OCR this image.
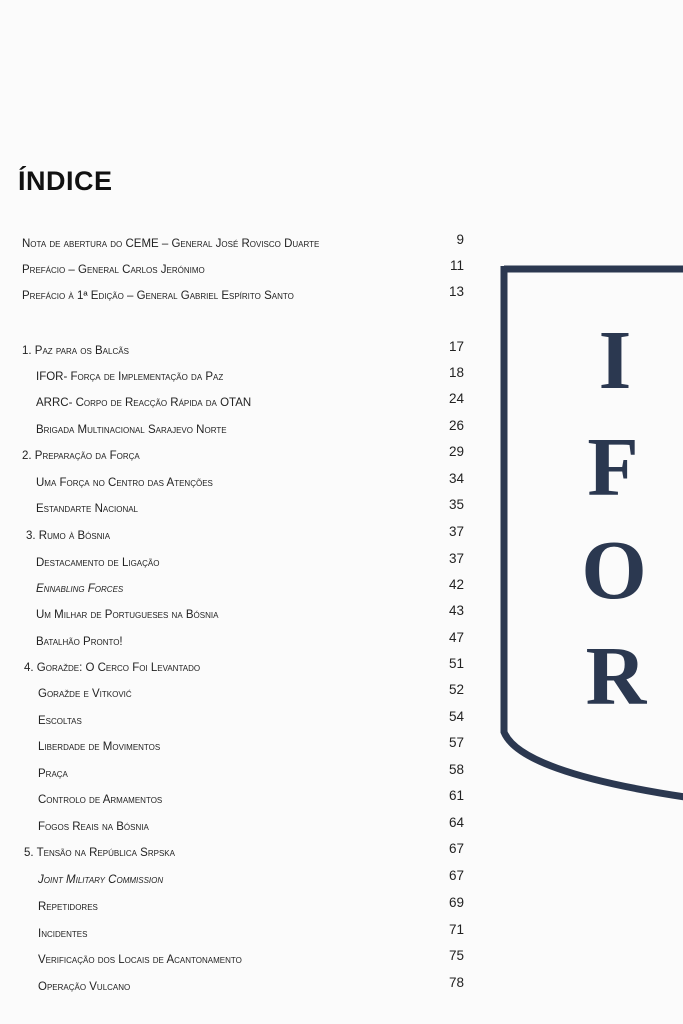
ÍNDICE
Nota de abertura do CEME – General José Rovisco Duarte	9
Prefácio – General Carlos Jerónimo	11
Prefácio à 1ª Edição – General Gabriel Espírito Santo	13
1. Paz para os Balcãs	17
IFOR- Força de Implementação da Paz	18
ARRC- Corpo de Reacção Rápida da OTAN	24
Brigada Multinacional Sarajevo Norte	26
2. Preparação da Força	29
Uma Força no Centro das Atenções	34
Estandarte Nacional	35
3. Rumo à Bósnia	37
Destacamento de Ligação	37
Ennabling Forces	42
Um Milhar de Portugueses na Bósnia	43
Batalhão Pronto!	47
4. Goražde: O Cerco Foi Levantado	51
Goražde e Vitković	52
Escoltas	54
Liberdade de Movimentos	57
Praça	58
Controlo de Armamentos	61
Fogos Reais na Bósnia	64
5. Tensão na República Srpska	67
Joint Military Commission	67
Repetidores	69
Incidentes	71
Verificação dos Locais de Acantonamento	75
Operação Vulcano	78
I
F
O
R
